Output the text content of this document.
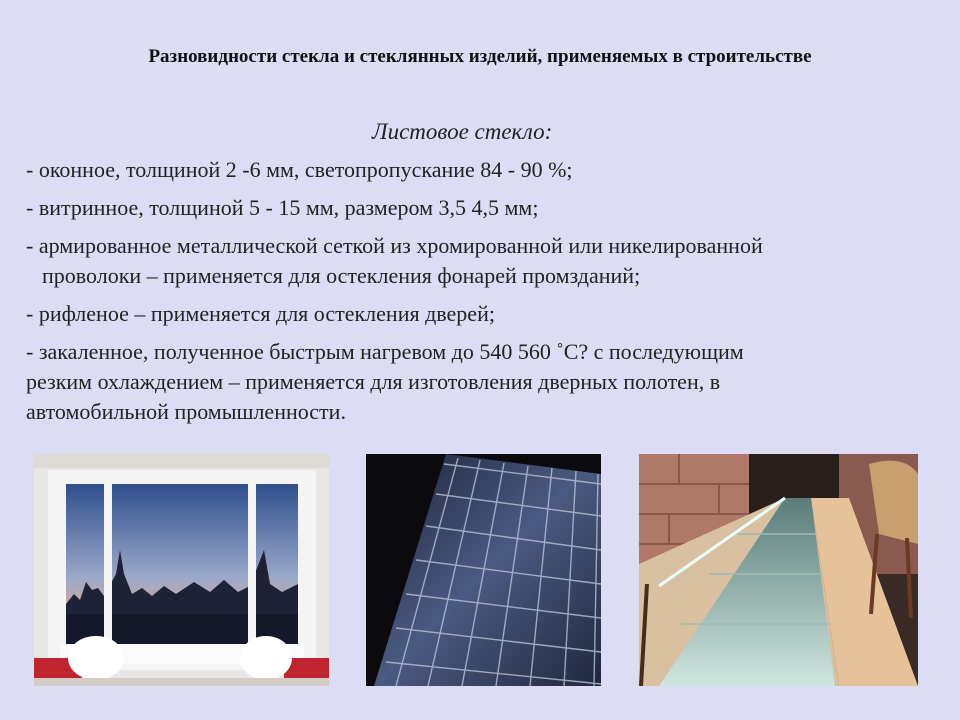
Разновидности стекла и стеклянных изделий, применяемых в строительстве
Листовое стекло:

- оконное, толщиной 2 -6 мм, светопропускание 84 - 90 %;

- витринное, толщиной 5 - 15 мм, размером 3,5 4,5 мм;

- армированное металлической сеткой из хромированной или никелированной
проволоки – применяется для остекления фонарей промзданий;

- рифленое – применяется для остекления дверей;

- закаленное, полученное быстрым нагревом до 540 560 ˚С? с последующим
резким охлаждением – применяется для изготовления дверных полотен, в
автомобильной промышленности.
